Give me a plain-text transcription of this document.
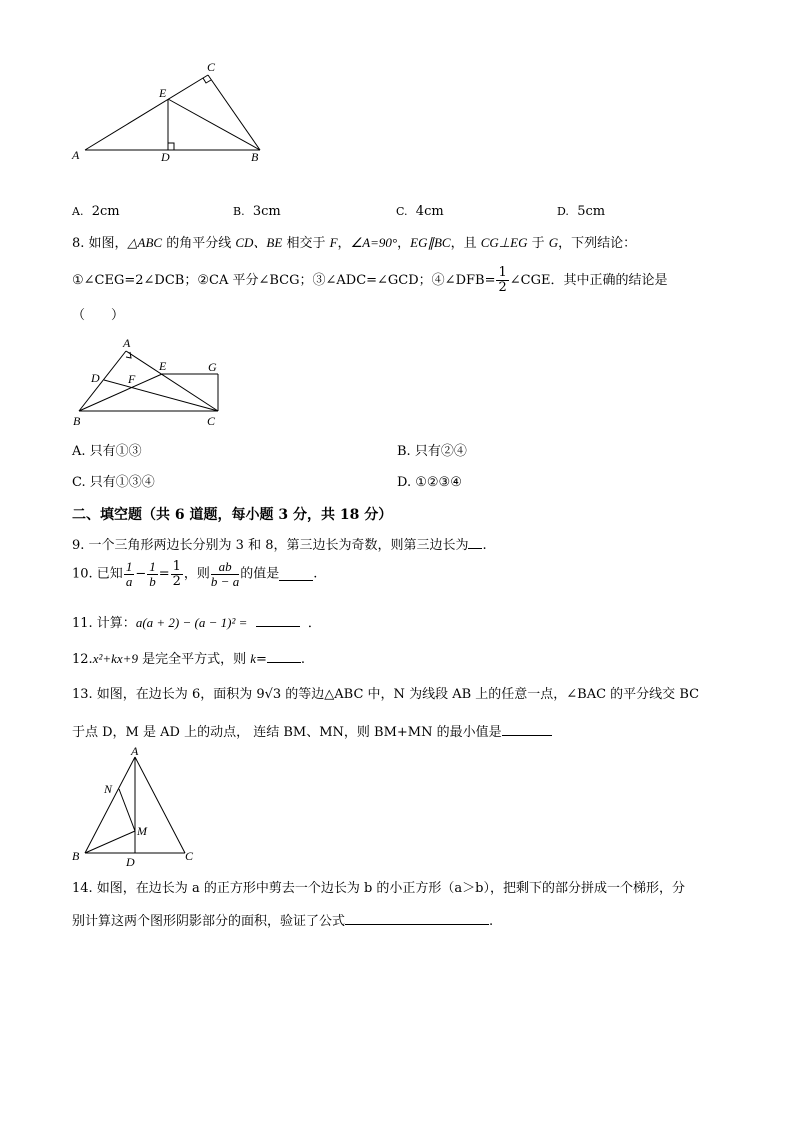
C
E
A	D	B
A. 2cm	B. 3cm	C. 4cm	D. 5cm
8. 如图，△ABC 的角平分线 CD、BE 相交于 F，∠A=90°，EG∥BC，且 CG⊥EG 于 G，下列结论：
①∠CEG=2∠DCB；②CA 平分∠BCG；③∠ADC=∠GCD；④∠DFB= $\frac{1}{2}$ ∠CGE．其中正确的结论是
（　　）
A
E	G
D F
B	C
A. 只有①③	B. 只有②④
C. 只有①③④	D. ①②③④
二、填空题（共 6 道题，每小题 3 分，共 18 分）
9. 一个三角形两边长分别为 3 和 8，第三边长为奇数，则第三边长为 .
10. 已知 $\frac{1}{a} - \frac{1}{b} = \frac{1}{2}$ ，则 $\frac{ab}{b - a}$ 的值是	.
11. 计算：a(a + 2) − (a − 1)² =	．
12.x²+kx+9 是完全平方式，则 k=	.
13. 如图，在边长为 6，面积为 9√3 的等边△ABC 中，N 为线段 AB 上的任意一点，∠BAC 的平分线交 BC
于点 D，M 是 AD 上的动点， 连结 BM、MN，则 BM+MN 的最小值是
A
N
M
B	D	C
14. 如图，在边长为 a 的正方形中剪去一个边长为 b 的小正方形（a＞b），把剩下的部分拼成一个梯形，分
别计算这两个图形阴影部分的面积，验证了公式	.
